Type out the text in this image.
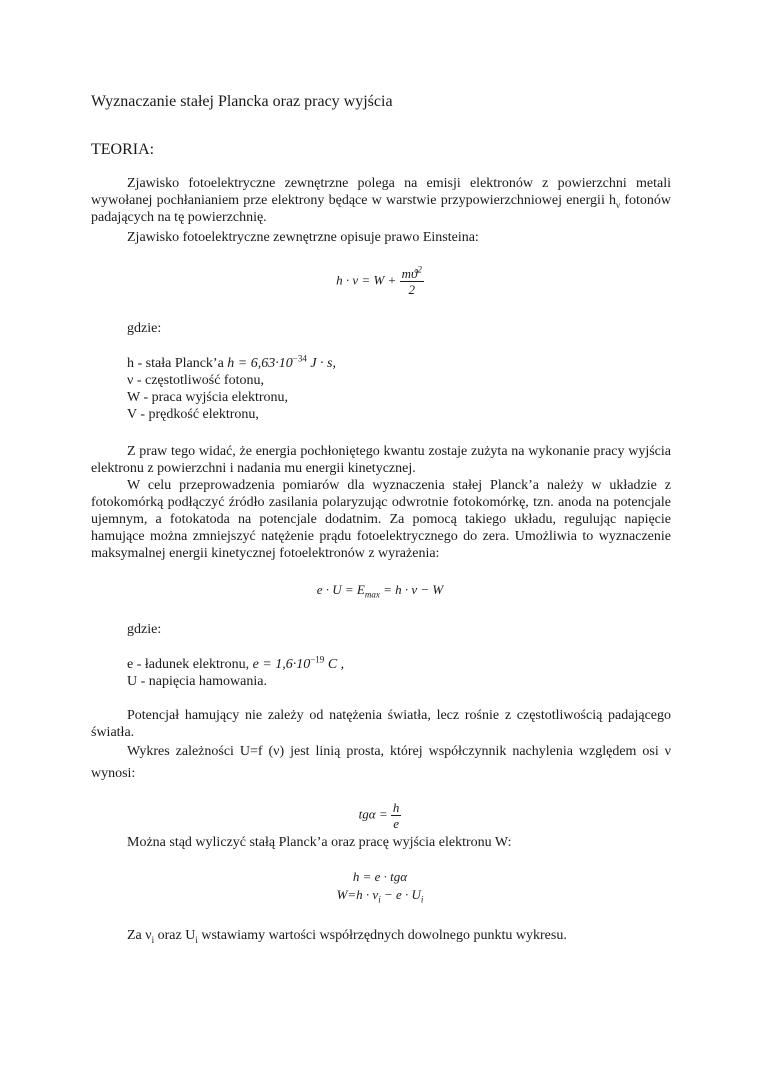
Wyznaczanie stałej Plancka oraz pracy wyjścia
TEORIA:
Zjawisko fotoelektryczne zewnętrzne polega na emisji elektronów z powierzchni metali wywołanej pochłanianiem prze elektrony będące w warstwie przypowierzchniowej energii $h_\nu$ fotonów padających na tę powierzchnię.
Zjawisko fotoelektryczne zewnętrzne opisuje prawo Einsteina:
$h \cdot \nu = W + \frac{mϑ^2}{2}$
gdzie:
h - stała Planck’a $h = 6,63\cdot 10^{-34}$ J · s,
ν - częstotliwość fotonu,
W - praca wyjścia elektronu,
V - prędkość elektronu,
Z praw tego widać, że energia pochłoniętego kwantu zostaje zużyta na wykonanie pracy wyjścia elektronu z powierzchni i nadania mu energii kinetycznej.
W celu przeprowadzenia pomiarów dla wyznaczenia stałej Planck’a należy w układzie z fotokomórką podłączyć źródło zasilania polaryzując odwrotnie fotokomórkę, tzn. anoda na potencjale ujemnym, a fotokatoda na potencjale dodatnim. Za pomocą takiego układu, regulując napięcie hamujące można zmniejszyć natężenie prądu fotoelektrycznego do zera. Umożliwia to wyznaczenie maksymalnej energii kinetycznej fotoelektronów z wyrażenia:
$e \cdot U = E_{max} = h \cdot \nu - W$
gdzie:
e - ładunek elektronu, $e = 1,6\cdot 10^{-19}$ C ,
U - napięcia hamowania.
Potencjał hamujący nie zależy od natężenia światła, lecz rośnie z częstotliwością padającego światła.
Wykres zależności U=f (ν) jest linią prosta, której współczynnik nachylenia względem osi ν wynosi:
$tg\alpha = \frac{h}{e}$
Można stąd wyliczyć stałą Planck’a oraz pracę wyjścia elektronu W:
h = e · tgα
$W=h \cdot \nu_i - e \cdot U_i$
Za $\nu_i$ oraz $U_i$ wstawiamy wartości współrzędnych dowolnego punktu wykresu.
